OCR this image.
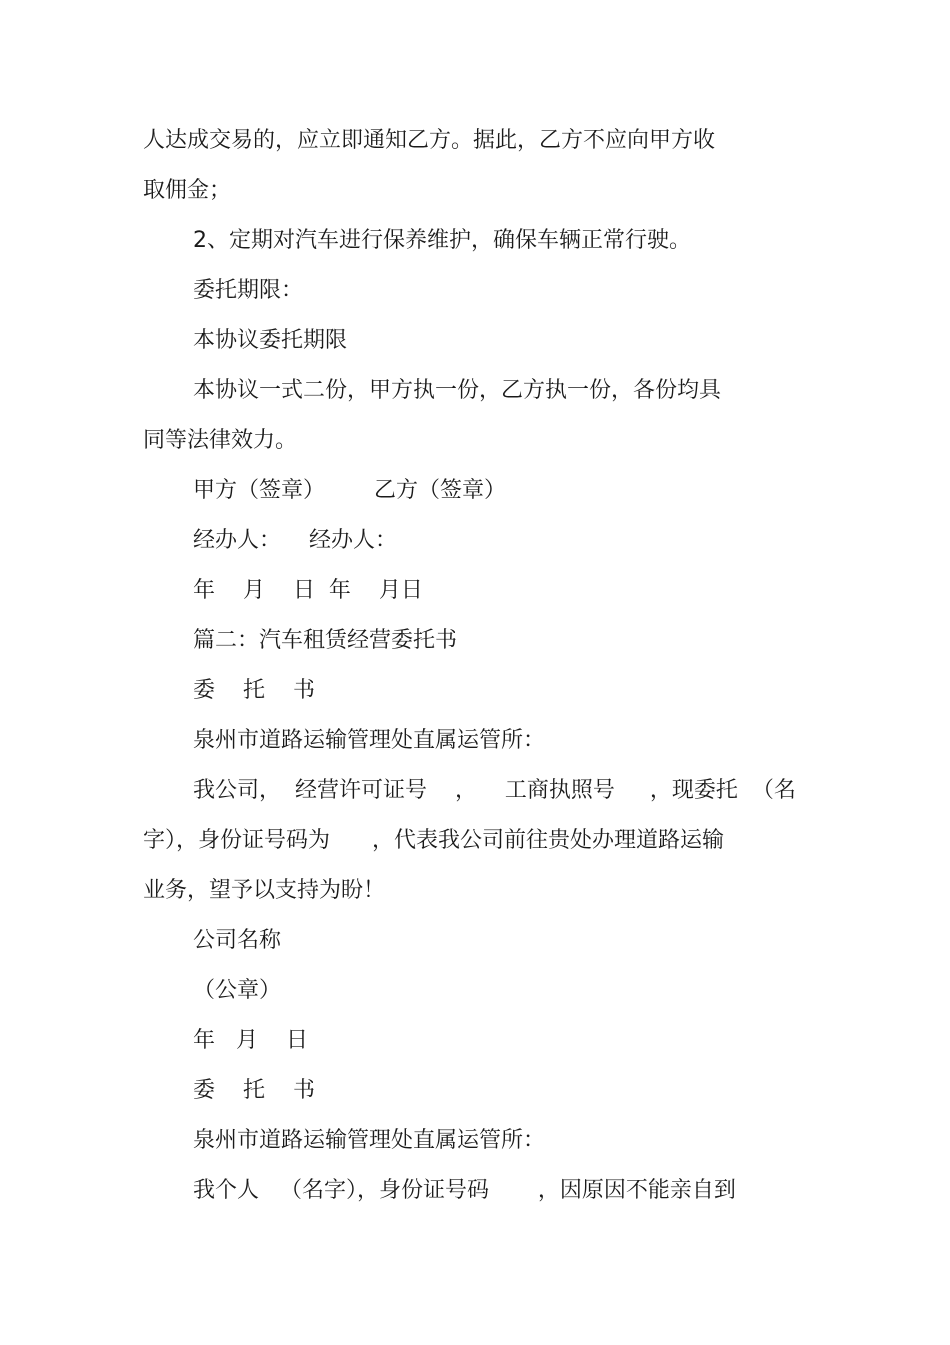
人达成交易的，应立即通知乙方。据此，乙方不应向甲方收
取佣金；
2、定期对汽车进行保养维护，确保车辆正常行驶。
委托期限：
本协议委托期限
本协议一式二份，甲方执一份，乙方执一份，各份均具
同等法律效力。
甲方（签章）       乙方（签章）
经办人：    经办人：
年    月    日  年    月日
篇二：汽车租赁经营委托书
委    托    书
泉州市道路运输管理处直属运管所：
我公司，  经营许可证号    ，    工商执照号     ，现委托  （名
字），身份证号码为      ，代表我公司前往贵处办理道路运输
业务，望予以支持为盼！
公司名称
（公章）
年   月    日
委    托    书
泉州市道路运输管理处直属运管所：
我个人   （名字），身份证号码       ，因原因不能亲自到
